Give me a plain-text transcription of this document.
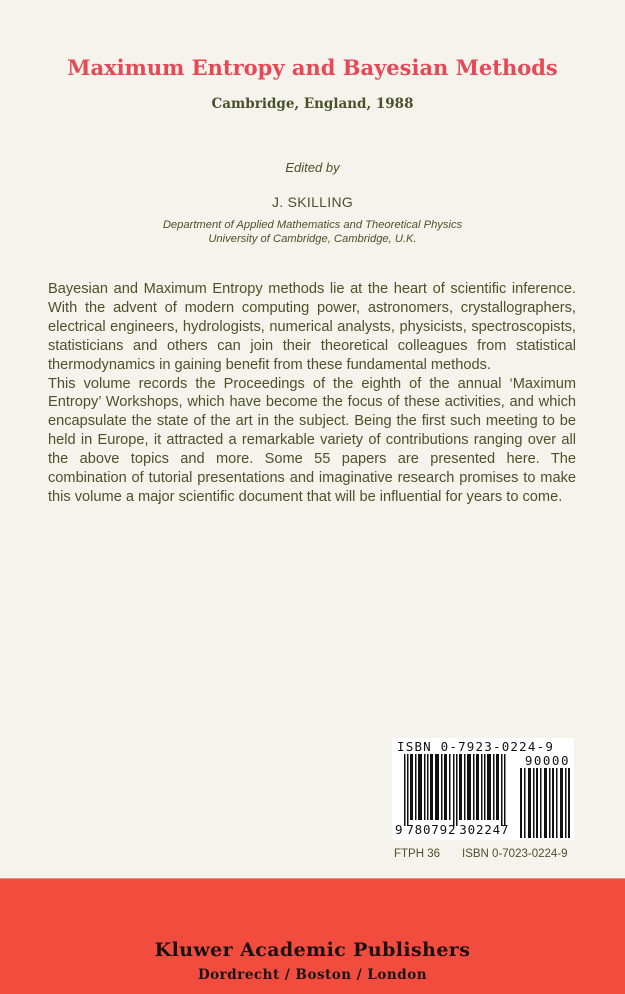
Maximum Entropy and Bayesian Methods
Cambridge, England, 1988
Edited by
J. SKILLING
Department of Applied Mathematics and Theoretical Physics
University of Cambridge, Cambridge, U.K.

Bayesian and Maximum Entropy methods lie at the heart of scientific inference. With the advent of modern computing power, astronomers, crystallographers, electrical engineers, hydrologists, numerical analysts, physicists, spectroscopists, statisticians and others can join their theoretical colleagues from statistical thermodynamics in gaining benefit from these fundamental methods.

This volume records the Proceedings of the eighth of the annual ‘Maximum Entropy’ Workshops, which have become the focus of these activities, and which encapsulate the state of the art in the subject. Being the first such meeting to be held in Europe, it attracted a remarkable variety of contributions ranging over all the above topics and more. Some 55 papers are presented here. The combination of tutorial presentations and imaginative research promises to make this volume a major scientific document that will be influential for years to come.

ISBN 0-7923-0224-9
90000
9 780792 302247
FTPH 36 ISBN 0-7023-0224-9
Kluwer Academic Publishers
Dordrecht / Boston / London
